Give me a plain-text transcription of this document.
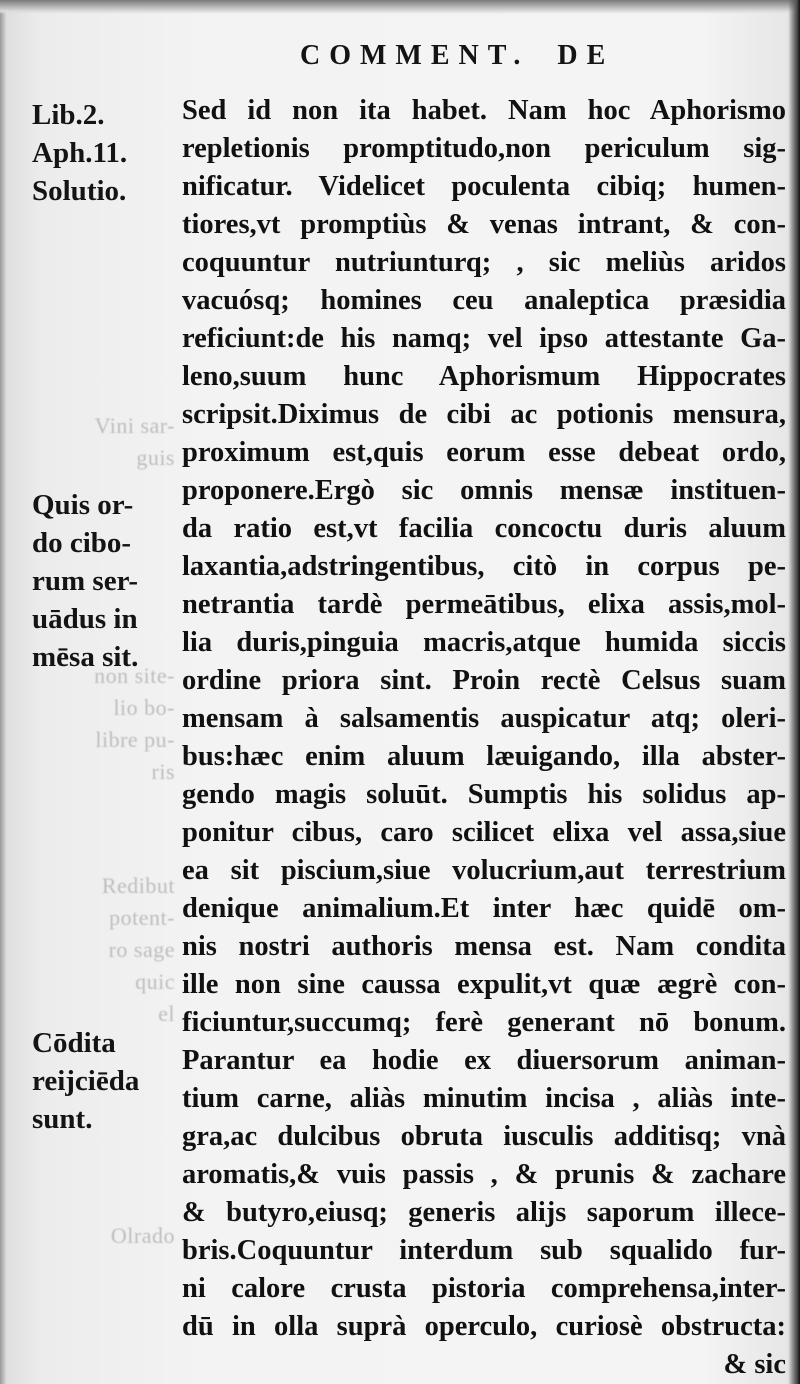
Vini sar-
guis
non site-
lio bo-
libre pu-
ris
Redibut
potent-
ro sage
quic
el
Olrado
COMMENT. DE
Lib.2.
Aph.11.
Solutio.
Quis or-
do cibo-
rum ser-
uādus in
mēsa sit.
Cōdita
reijciēda
sunt.
Sed id non ita habet. Nam hoc Aphorismo
repletionis promptitudo,non periculum sig-
nificatur. Videlicet poculenta cibiq; humen-
tiores,vt promptiùs & venas intrant, & con-
coquuntur nutriunturq; , sic meliùs aridos
vacuósq; homines ceu analeptica præsidia
reficiunt:de his namq; vel ipso attestante Ga-
leno,suum hunc Aphorismum Hippocrates
scripsit.Diximus de cibi ac potionis mensura,
proximum est,quis eorum esse debeat ordo,
proponere.Ergò sic omnis mensæ instituen-
da ratio est,vt facilia concoctu duris aluum
laxantia,adstringentibus, citò in corpus pe-
netrantia tardè permeātibus, elixa assis,mol-
lia duris,pinguia macris,atque humida siccis
ordine priora sint. Proin rectè Celsus suam
mensam à salsamentis auspicatur atq; oleri-
bus:hæc enim aluum læuigando, illa abster-
gendo magis soluūt. Sumptis his solidus ap-
ponitur cibus, caro scilicet elixa vel assa,siue
ea sit piscium,siue volucrium,aut terrestrium
denique animalium.Et inter hæc quidē om-
nis nostri authoris mensa est. Nam condita
ille non sine caussa expulit,vt quæ ægrè con-
ficiuntur,succumq; ferè generant nō bonum.
Parantur ea hodie ex diuersorum animan-
tium carne, aliàs minutim incisa , aliàs inte-
gra,ac dulcibus obruta iusculis additisq; vnà
aromatis,& vuis passis , & prunis & zachare
& butyro,eiusq; generis alijs saporum illece-
bris.Coquuntur interdum sub squalido fur-
ni calore crusta pistoria comprehensa,inter-
dū in olla suprà operculo, curiosè obstructa:
& sic
